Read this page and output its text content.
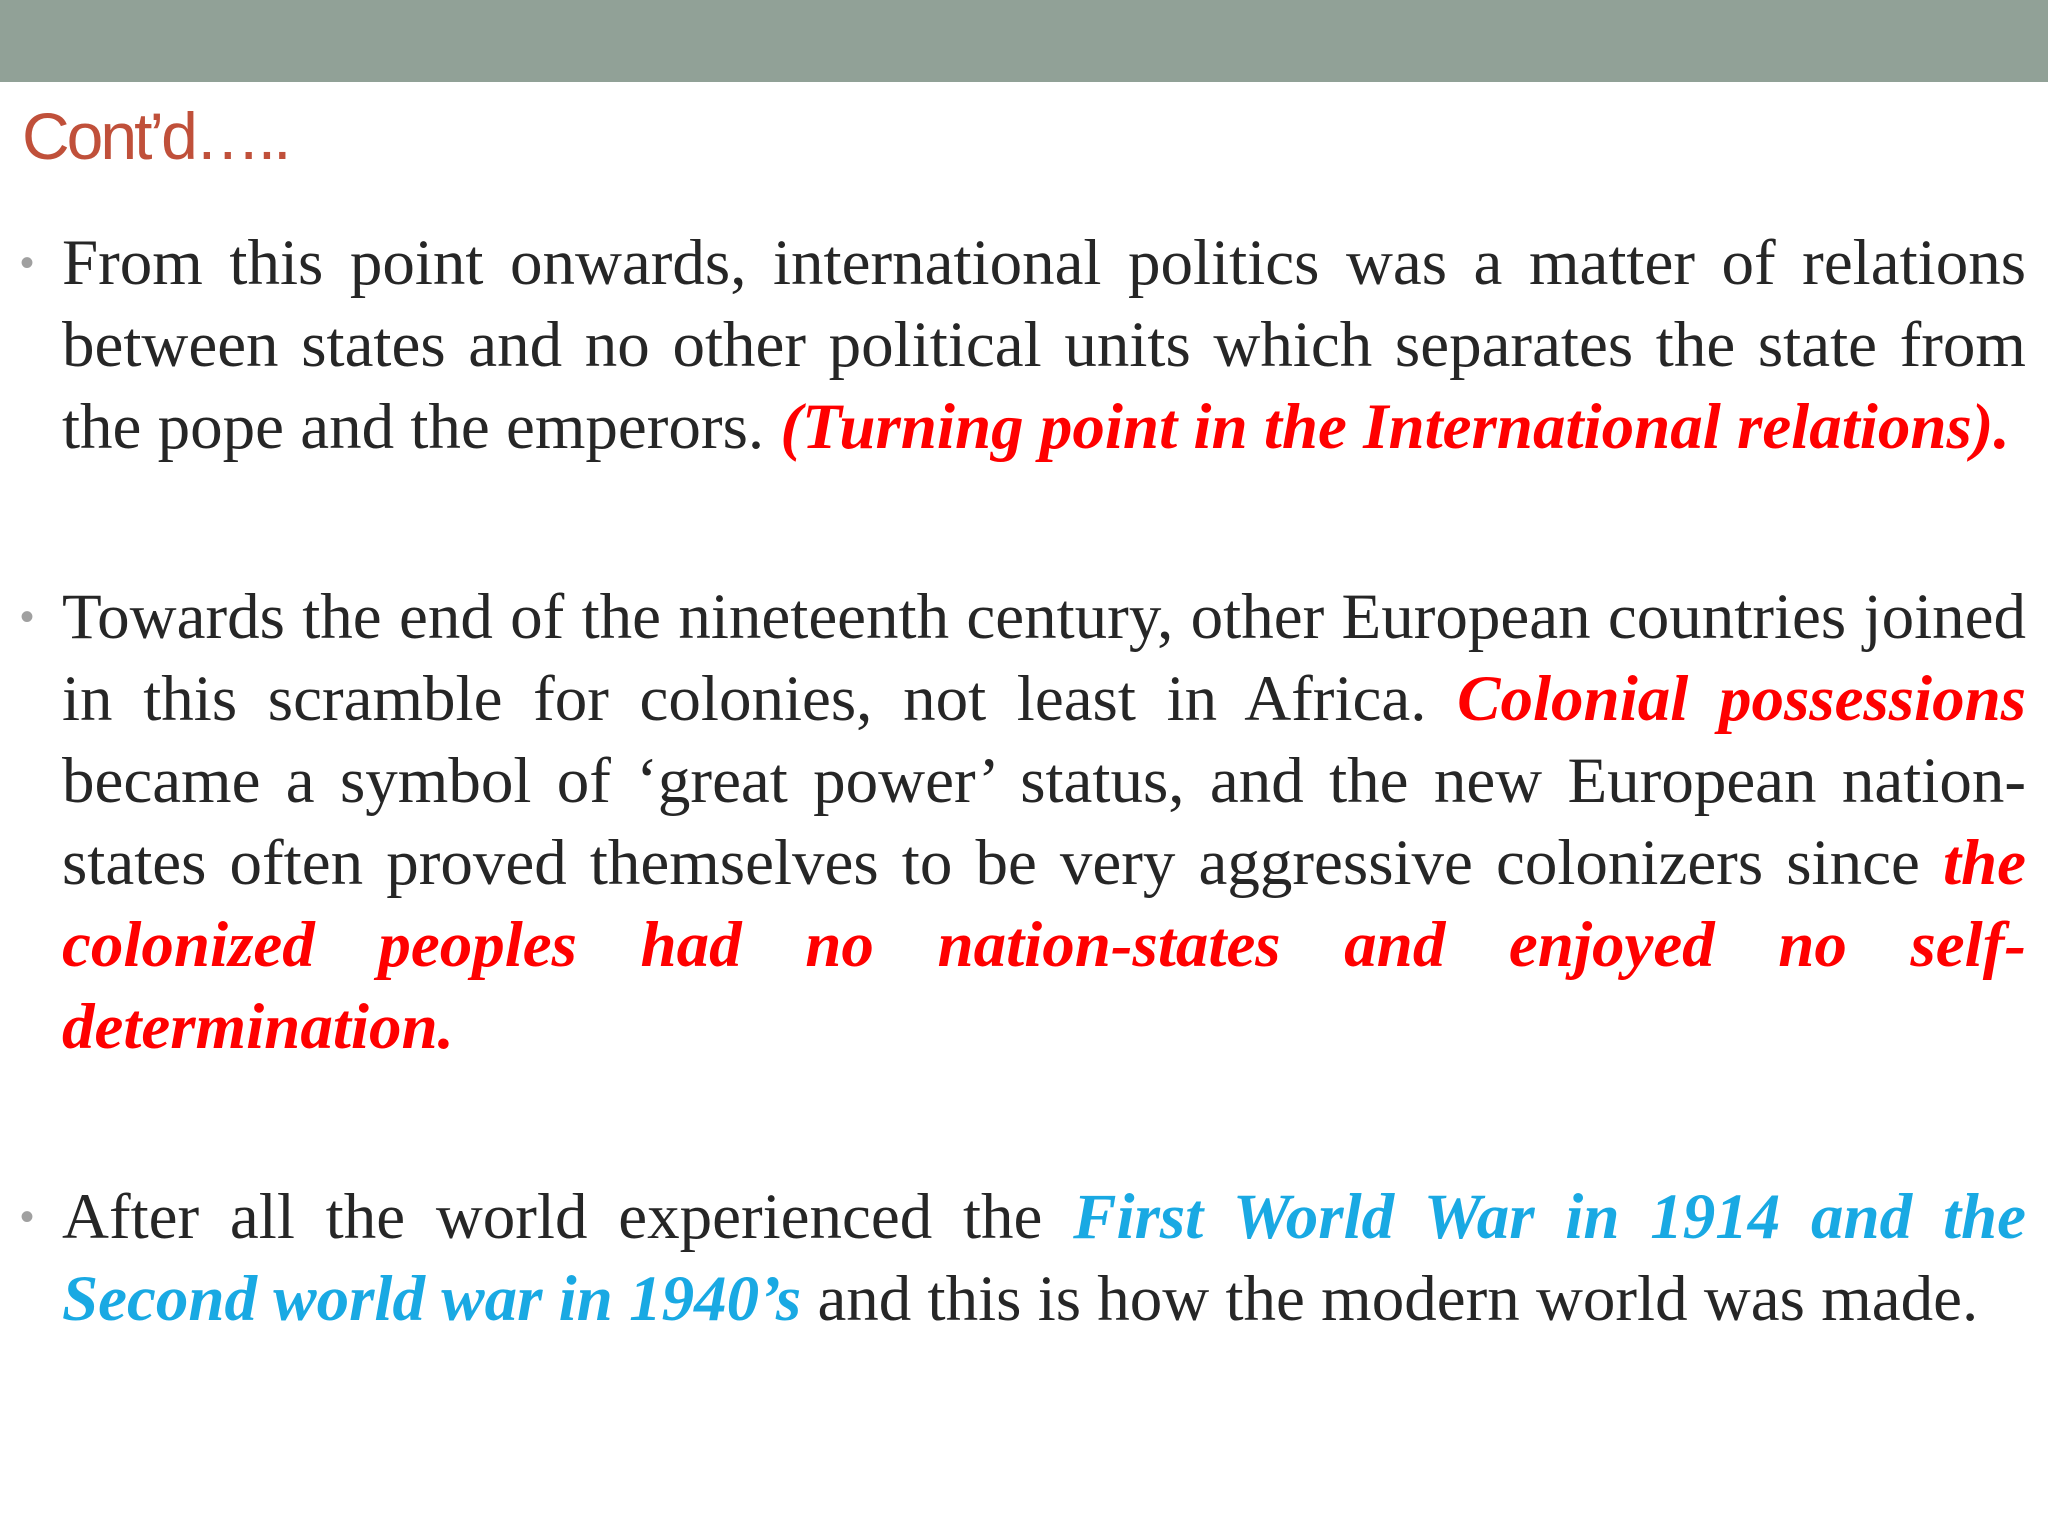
Cont’d…..
• From this point onwards, international politics was a matter of relations between states and no other political units which separates the state from the pope and the emperors. (Turning point in the International relations).
• Towards the end of the nineteenth century, other European countries joined in this scramble for colonies, not least in Africa. Colonial possessions became a symbol of ‘great power’ status, and the new European nation-states often proved themselves to be very aggressive colonizers since the colonized peoples had no nation-states and enjoyed no self-determination.
• After all the world experienced the First World War in 1914 and the Second world war in 1940’s and this is how the modern world was made.
